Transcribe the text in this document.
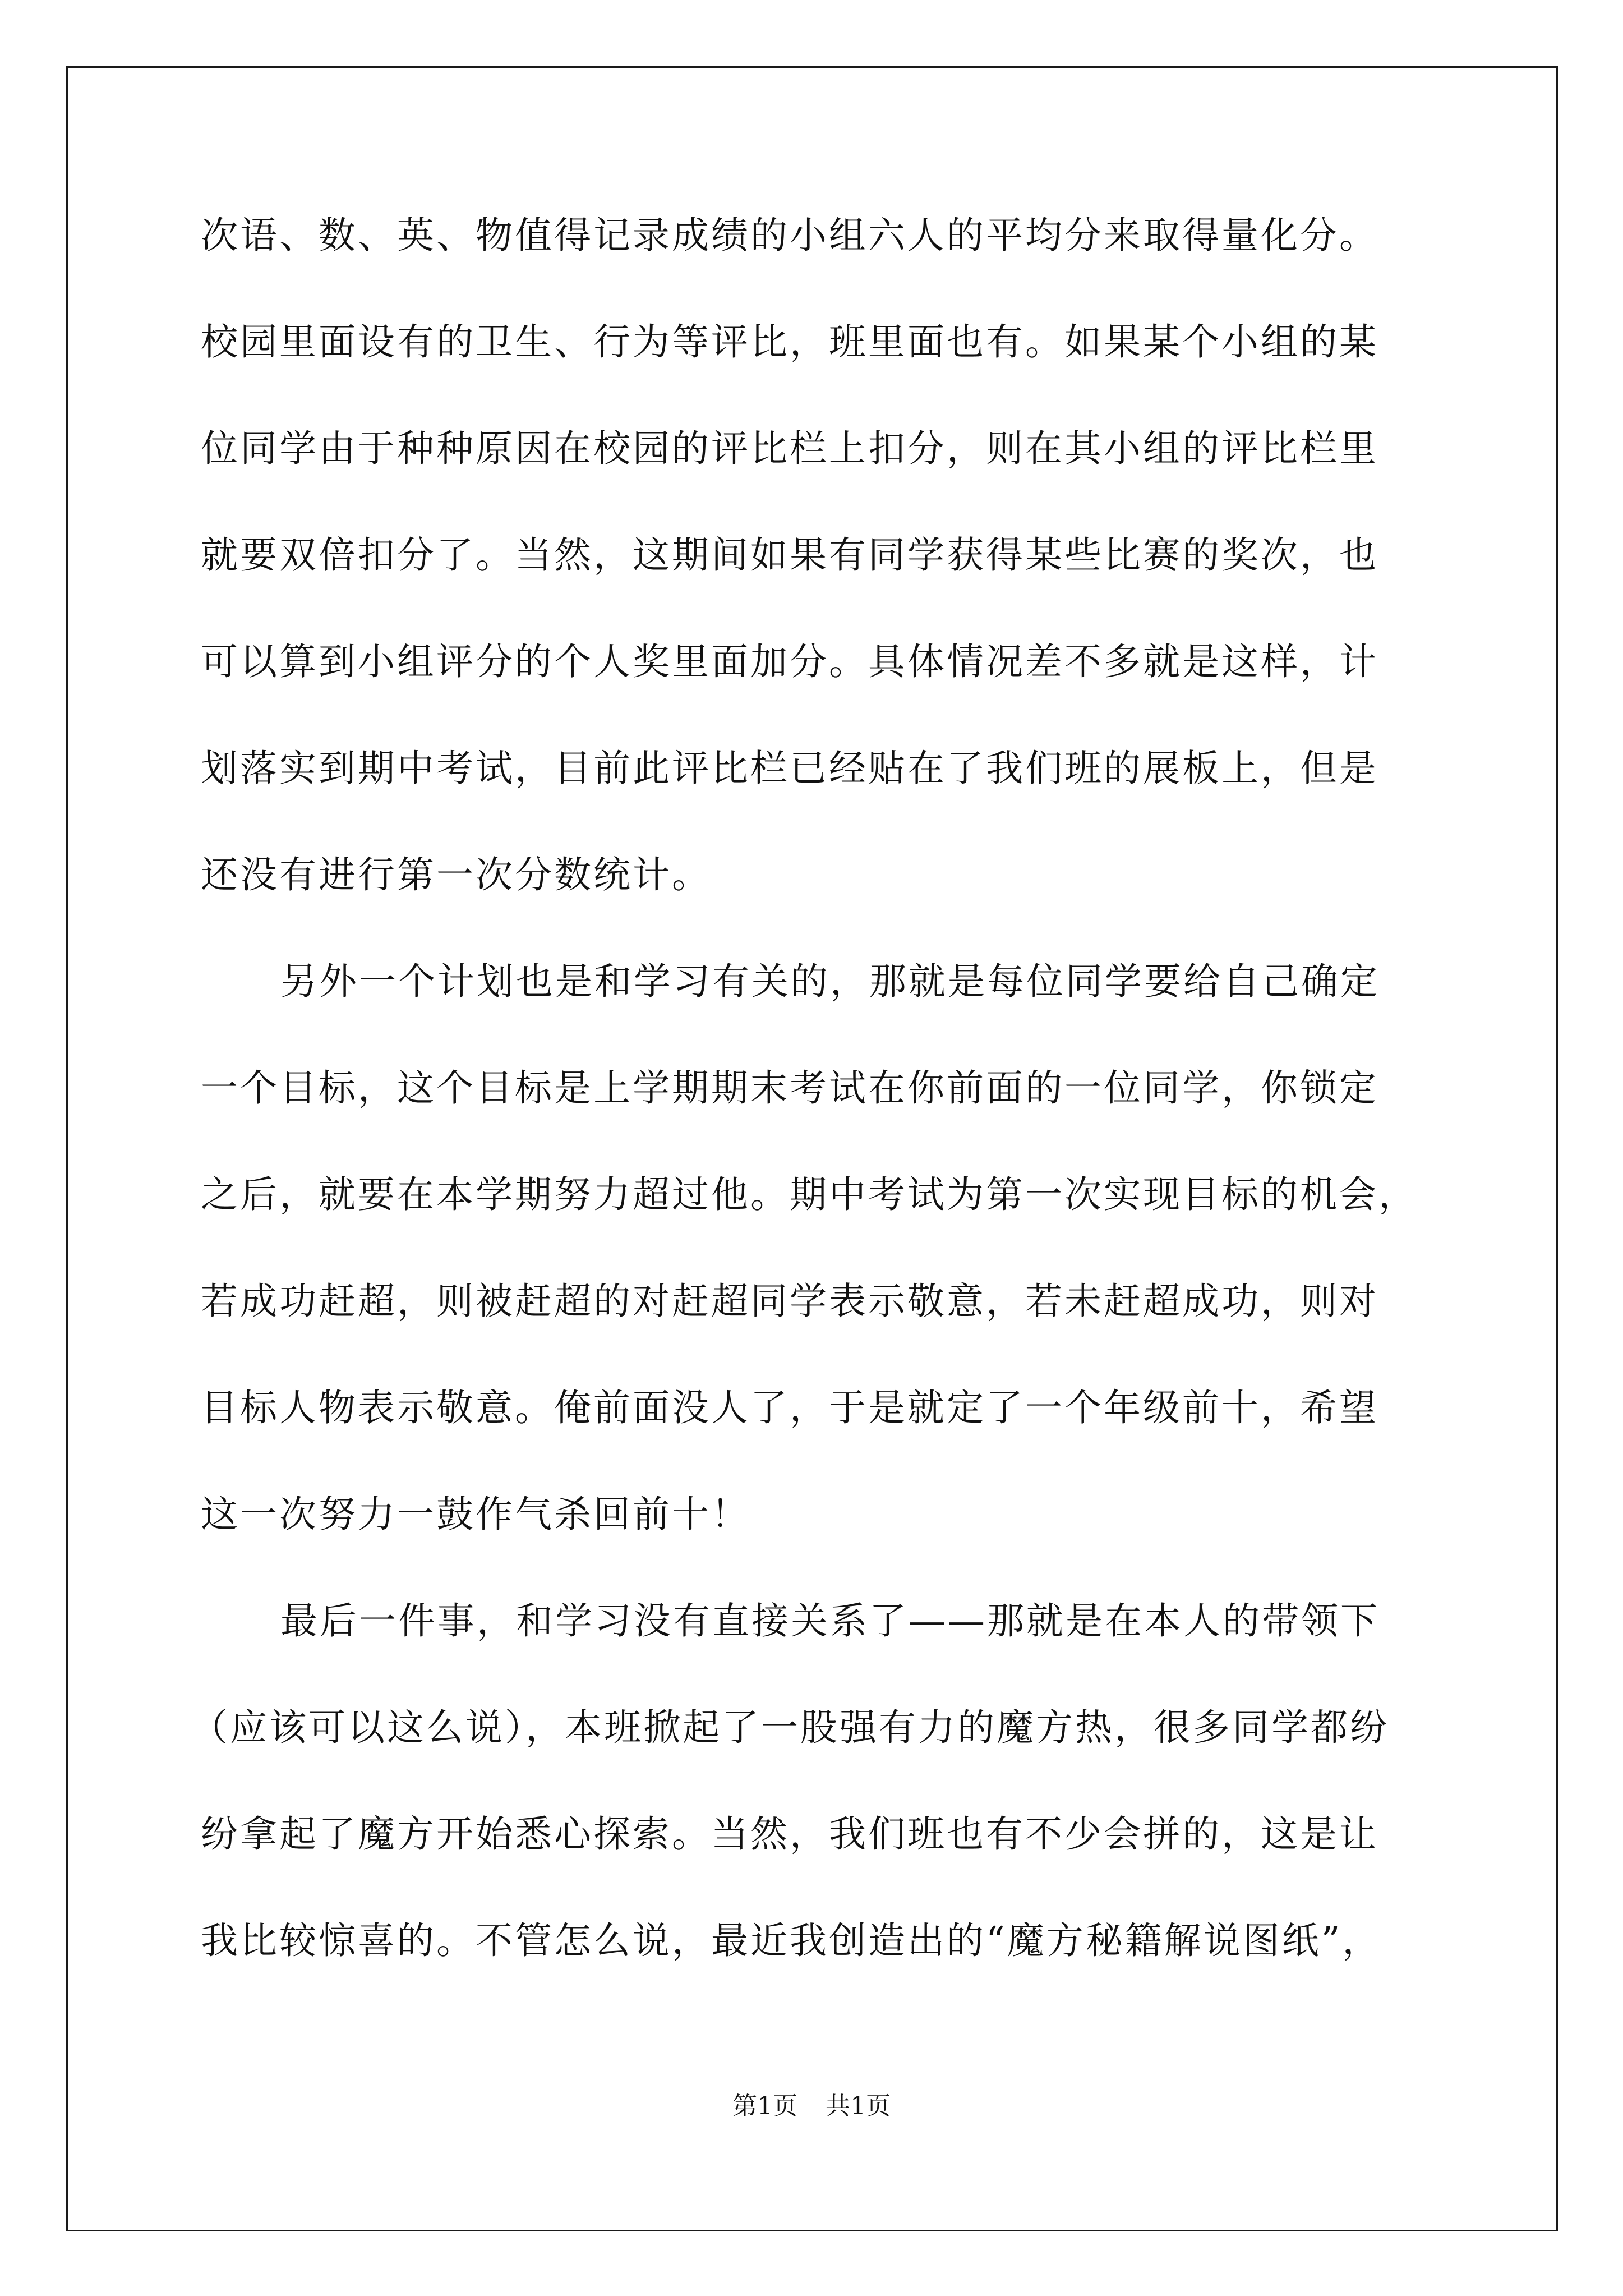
次语、数、英、物值得记录成绩的小组六人的平均分来取得量化分。
校园里面设有的卫生、行为等评比，班里面也有。如果某个小组的某
位同学由于种种原因在校园的评比栏上扣分，则在其小组的评比栏里
就要双倍扣分了。当然，这期间如果有同学获得某些比赛的奖次，也
可以算到小组评分的个人奖里面加分。具体情况差不多就是这样，计
划落实到期中考试，目前此评比栏已经贴在了我们班的展板上，但是
还没有进行第一次分数统计。
另外一个计划也是和学习有关的，那就是每位同学要给自己确定
一个目标，这个目标是上学期期末考试在你前面的一位同学，你锁定
之后，就要在本学期努力超过他。期中考试为第一次实现目标的机会，
若成功赶超，则被赶超的对赶超同学表示敬意，若未赶超成功，则对
目标人物表示敬意。俺前面没人了，于是就定了一个年级前十，希望
这一次努力一鼓作气杀回前十！
最后一件事，和学习没有直接关系了——那就是在本人的带领下
（应该可以这么说），本班掀起了一股强有力的魔方热，很多同学都纷
纷拿起了魔方开始悉心探索。当然，我们班也有不少会拼的，这是让
我比较惊喜的。不管怎么说，最近我创造出的“魔方秘籍解说图纸”，
第1页 共1页
